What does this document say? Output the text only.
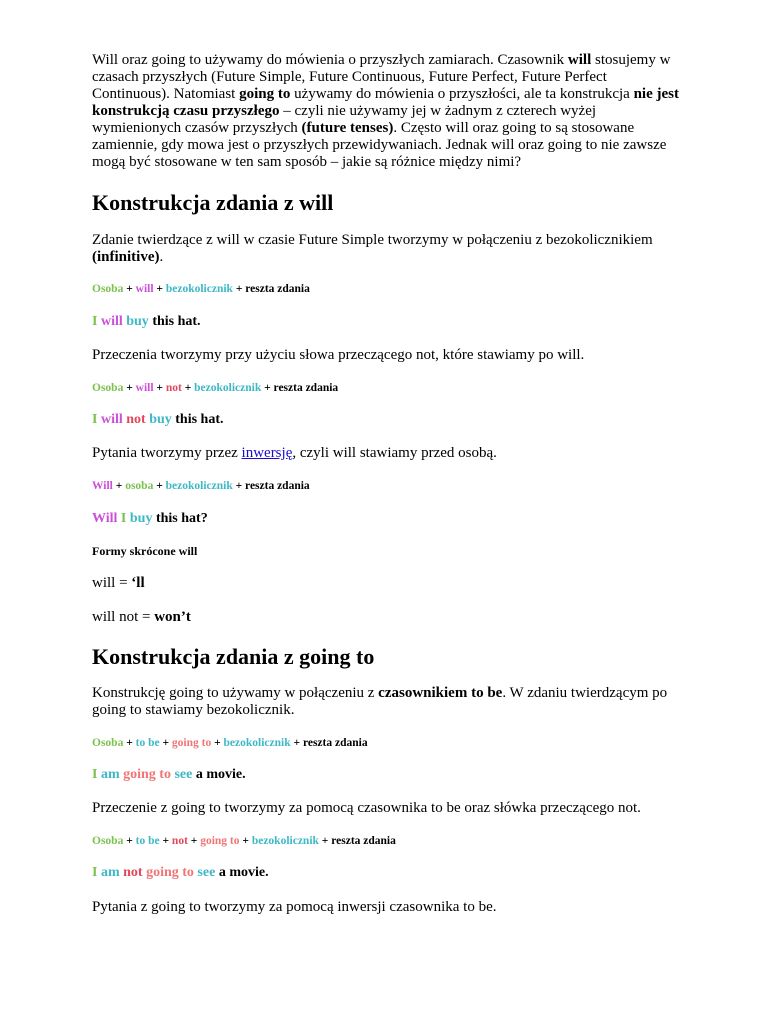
Will oraz going to używamy do mówienia o przyszłych zamiarach. Czasownik will stosujemy w czasach przyszłych (Future Simple, Future Continuous, Future Perfect, Future Perfect Continuous). Natomiast going to używamy do mówienia o przyszłości, ale ta konstrukcja nie jest konstrukcją czasu przyszłego – czyli nie używamy jej w żadnym z czterech wyżej wymienionych czasów przyszłych (future tenses). Często will oraz going to są stosowane zamiennie, gdy mowa jest o przyszłych przewidywaniach. Jednak will oraz going to nie zawsze mogą być stosowane w ten sam sposób – jakie są różnice między nimi?

Konstrukcja zdania z will

Zdanie twierdzące z will w czasie Future Simple tworzymy w połączeniu z bezokolicznikiem (infinitive).

Osoba + will + bezokolicznik + reszta zdania
I will buy this hat.

Przeczenia tworzymy przy użyciu słowa przeczącego not, które stawiamy po will.

Osoba + will + not + bezokolicznik + reszta zdania
I will not buy this hat.

Pytania tworzymy przez inwersję, czyli will stawiamy przed osobą.

Will + osoba + bezokolicznik + reszta zdania
Will I buy this hat?
Formy skrócone will

will = ‘ll

will not = won’t

Konstrukcja zdania z going to

Konstrukcję going to używamy w połączeniu z czasownikiem to be. W zdaniu twierdzącym po going to stawiamy bezokolicznik.

Osoba + to be + going to + bezokolicznik + reszta zdania
I am going to see a movie.

Przeczenie z going to tworzymy za pomocą czasownika to be oraz słówka przeczącego not.

Osoba + to be + not + going to + bezokolicznik + reszta zdania
I am not going to see a movie.

Pytania z going to tworzymy za pomocą inwersji czasownika to be.
